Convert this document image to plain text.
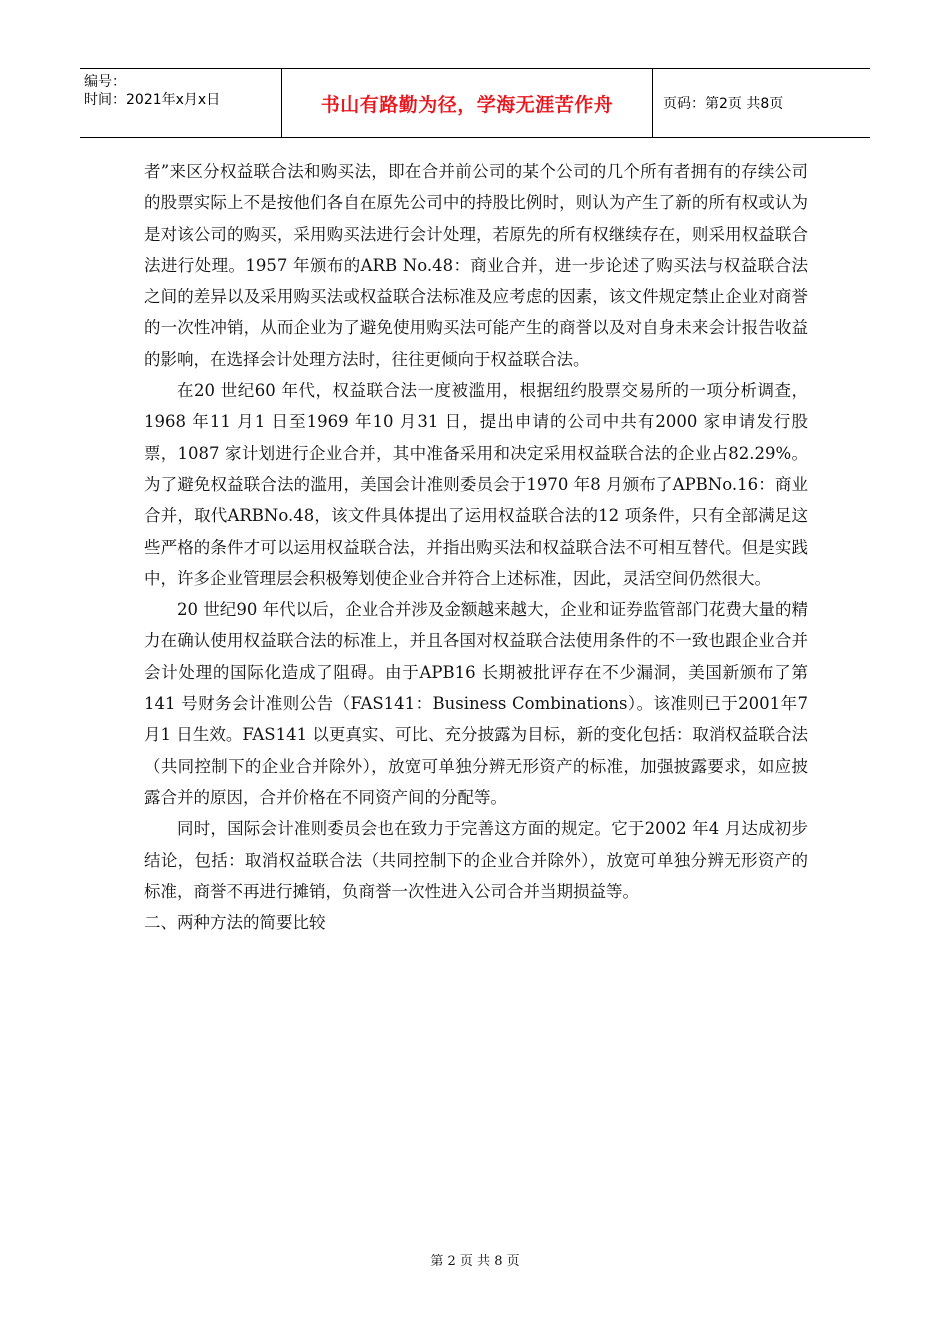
编号：
时间：2021年x月x日	书山有路勤为径，学海无涯苦作舟	页码：第2页 共8页

者”来区分权益联合法和购买法，即在合并前公司的某个公司的几个所有者拥有的存续公司的股票实际上不是按他们各自在原先公司中的持股比例时，则认为产生了新的所有权或认为是对该公司的购买，采用购买法进行会计处理，若原先的所有权继续存在，则采用权益联合法进行处理。1957 年颁布的ARB No.48：商业合并，进一步论述了购买法与权益联合法之间的差异以及采用购买法或权益联合法标准及应考虑的因素，该文件规定禁止企业对商誉的一次性冲销，从而企业为了避免使用购买法可能产生的商誉以及对自身未来会计报告收益的影响，在选择会计处理方法时，往往更倾向于权益联合法。

在20 世纪60 年代，权益联合法一度被滥用，根据纽约股票交易所的一项分析调查，1968 年11 月1 日至1969 年10 月31 日，提出申请的公司中共有2000 家申请发行股票，1087 家计划进行企业合并，其中准备采用和决定采用权益联合法的企业占82.29%。为了避免权益联合法的滥用，美国会计准则委员会于1970 年8 月颁布了APBNo.16：商业合并，取代ARBNo.48，该文件具体提出了运用权益联合法的12 项条件，只有全部满足这些严格的条件才可以运用权益联合法，并指出购买法和权益联合法不可相互替代。但是实践中，许多企业管理层会积极筹划使企业合并符合上述标准，因此，灵活空间仍然很大。

20 世纪90 年代以后，企业合并涉及金额越来越大，企业和证券监管部门花费大量的精力在确认使用权益联合法的标准上，并且各国对权益联合法使用条件的不一致也跟企业合并会计处理的国际化造成了阻碍。由于APB16 长期被批评存在不少漏洞，美国新颁布了第141 号财务会计准则公告（FAS141：Business Combinations）。该准则已于2001年7 月1 日生效。FAS141 以更真实、可比、充分披露为目标，新的变化包括：取消权益联合法（共同控制下的企业合并除外），放宽可单独分辨无形资产的标准，加强披露要求，如应披露合并的原因，合并价格在不同资产间的分配等。

同时，国际会计准则委员会也在致力于完善这方面的规定。它于2002 年4 月达成初步结论，包括：取消权益联合法（共同控制下的企业合并除外），放宽可单独分辨无形资产的标准，商誉不再进行摊销，负商誉一次性进入公司合并当期损益等。

二、两种方法的简要比较

第 2 页 共 8 页
